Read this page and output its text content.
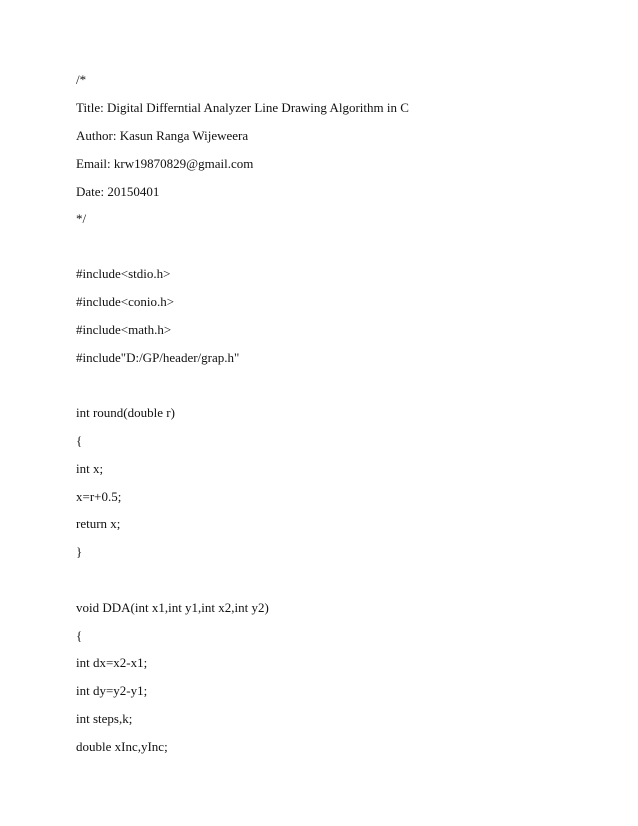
/*
Title: Digital Differntial Analyzer Line Drawing Algorithm in C
Author: Kasun Ranga Wijeweera
Email: krw19870829@gmail.com
Date: 20150401
*/
#include<stdio.h>
#include<conio.h>
#include<math.h>
#include"D:/GP/header/grap.h"
int round(double r)
{
int x;
x=r+0.5;
return x;
}
void DDA(int x1,int y1,int x2,int y2)
{
int dx=x2-x1;
int dy=y2-y1;
int steps,k;
double xInc,yInc;
